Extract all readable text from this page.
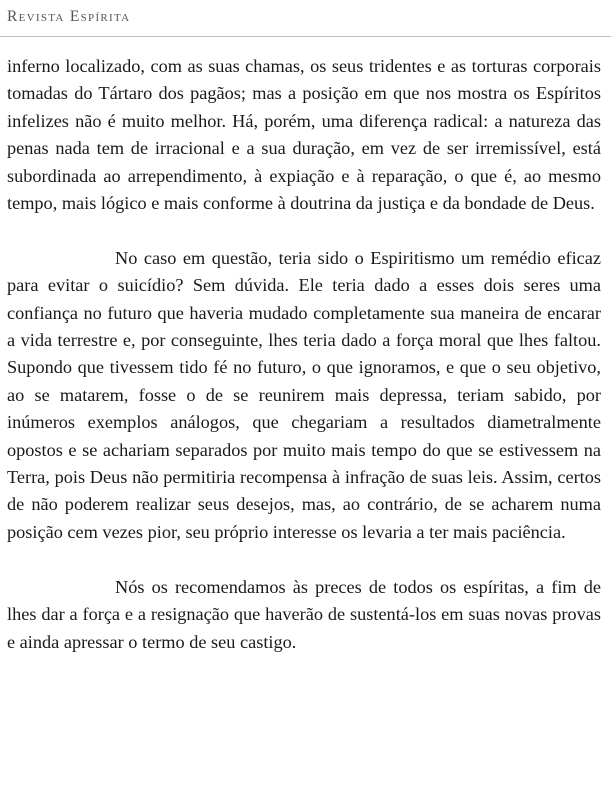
Revista Espírita

inferno localizado, com as suas chamas, os seus tridentes e as torturas corporais tomadas do Tártaro dos pagãos; mas a posição em que nos mostra os Espíritos infelizes não é muito melhor. Há, porém, uma diferença radical: a natureza das penas nada tem de irracional e a sua duração, em vez de ser irremissível, está subordinada ao arrependimento, à expiação e à reparação, o que é, ao mesmo tempo, mais lógico e mais conforme à doutrina da justiça e da bondade de Deus.

No caso em questão, teria sido o Espiritismo um remédio eficaz para evitar o suicídio? Sem dúvida. Ele teria dado a esses dois seres uma confiança no futuro que haveria mudado completamente sua maneira de encarar a vida terrestre e, por conseguinte, lhes teria dado a força moral que lhes faltou. Supondo que tivessem tido fé no futuro, o que ignoramos, e que o seu objetivo, ao se matarem, fosse o de se reunirem mais depressa, teriam sabido, por inúmeros exemplos análogos, que chegariam a resultados diametralmente opostos e se achariam separados por muito mais tempo do que se estivessem na Terra, pois Deus não permitiria recompensa à infração de suas leis. Assim, certos de não poderem realizar seus desejos, mas, ao contrário, de se acharem numa posição cem vezes pior, seu próprio interesse os levaria a ter mais paciência.

Nós os recomendamos às preces de todos os espíritas, a fim de lhes dar a força e a resignação que haverão de sustentá-los em suas novas provas e ainda apressar o termo de seu castigo.
